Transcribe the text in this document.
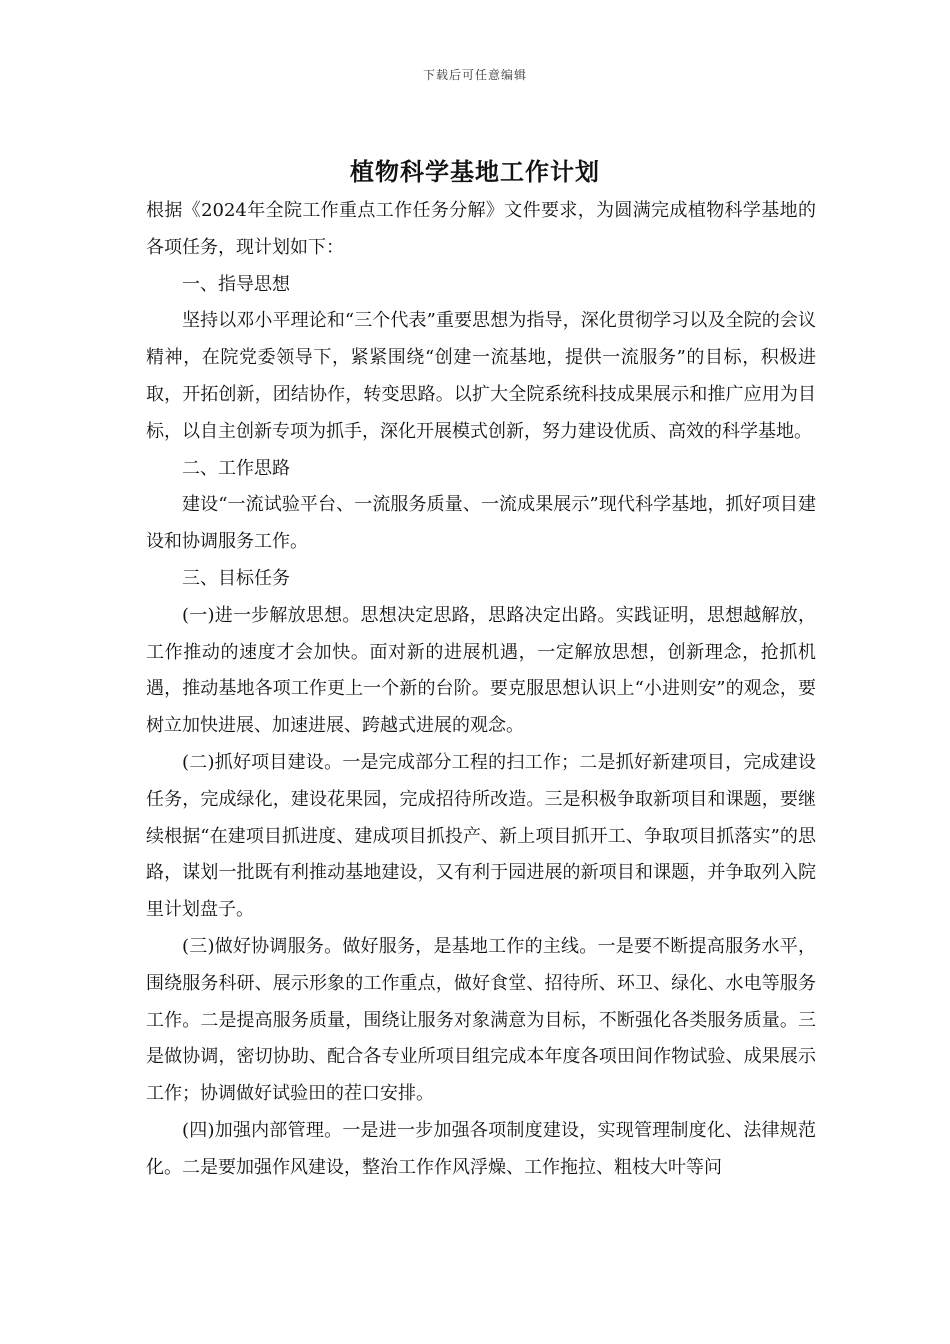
下载后可任意编辑
植物科学基地工作计划

根据《2024年全院工作重点工作任务分解》文件要求，为圆满完成植物科学基地的各项任务，现计划如下：

一、指导思想

坚持以邓小平理论和“三个代表”重要思想为指导，深化贯彻学习以及全院的会议精神，在院党委领导下，紧紧围绕“创建一流基地，提供一流服务”的目标，积极进取，开拓创新，团结协作，转变思路。以扩大全院系统科技成果展示和推广应用为目标，以自主创新专项为抓手，深化开展模式创新，努力建设优质、高效的科学基地。

二、工作思路

建设“一流试验平台、一流服务质量、一流成果展示”现代科学基地，抓好项目建设和协调服务工作。

三、目标任务

(一)进一步解放思想。思想决定思路，思路决定出路。实践证明，思想越解放，工作推动的速度才会加快。面对新的进展机遇，一定解放思想，创新理念，抢抓机遇，推动基地各项工作更上一个新的台阶。要克服思想认识上“小进则安”的观念，要树立加快进展、加速进展、跨越式进展的观念。

(二)抓好项目建设。一是完成部分工程的扫工作；二是抓好新建项目，完成建设任务，完成绿化，建设花果园，完成招待所改造。三是积极争取新项目和课题，要继续根据“在建项目抓进度、建成项目抓投产、新上项目抓开工、争取项目抓落实”的思路，谋划一批既有利推动基地建设，又有利于园进展的新项目和课题，并争取列入院里计划盘子。

(三)做好协调服务。做好服务，是基地工作的主线。一是要不断提高服务水平，围绕服务科研、展示形象的工作重点，做好食堂、招待所、环卫、绿化、水电等服务工作。二是提高服务质量，围绕让服务对象满意为目标，不断强化各类服务质量。三是做协调，密切协助、配合各专业所项目组完成本年度各项田间作物试验、成果展示工作；协调做好试验田的茬口安排。

(四)加强内部管理。一是进一步加强各项制度建设，实现管理制度化、法律规范化。二是要加强作风建设，整治工作作风浮燥、工作拖拉、粗枝大叶等问
